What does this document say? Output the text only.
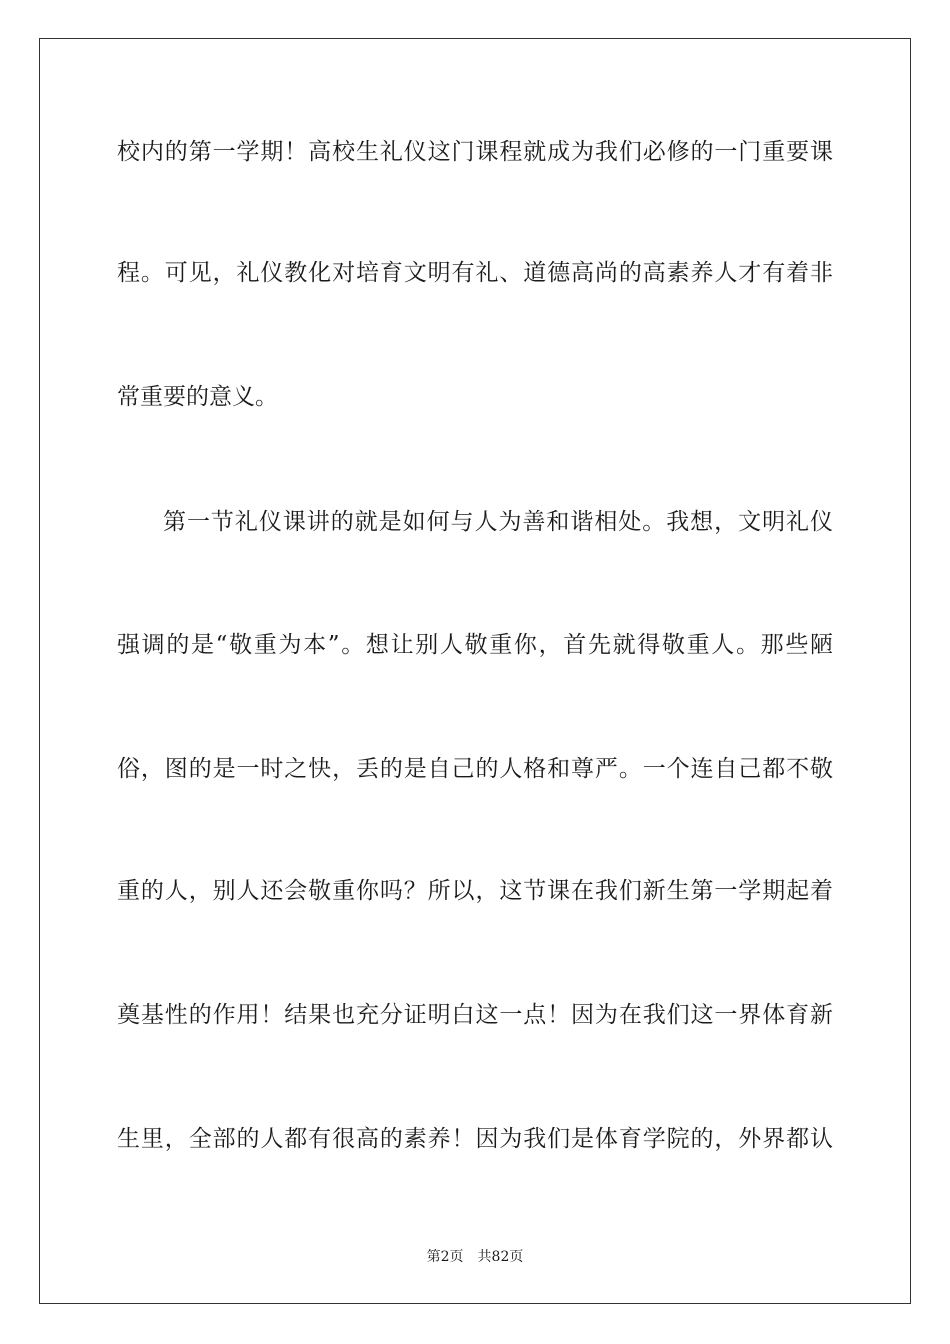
校内的第一学期！高校生礼仪这门课程就成为我们必修的一门重要课
程。可见，礼仪教化对培育文明有礼、道德高尚的高素养人才有着非
常重要的意义。
第一节礼仪课讲的就是如何与人为善和谐相处。我想，文明礼仪
强调的是“敬重为本”。想让别人敬重你，首先就得敬重人。那些陋
俗，图的是一时之快，丢的是自己的人格和尊严。一个连自己都不敬
重的人，别人还会敬重你吗？所以，这节课在我们新生第一学期起着
奠基性的作用！结果也充分证明白这一点！因为在我们这一界体育新
生里，全部的人都有很高的素养！因为我们是体育学院的，外界都认
第2页 共82页
